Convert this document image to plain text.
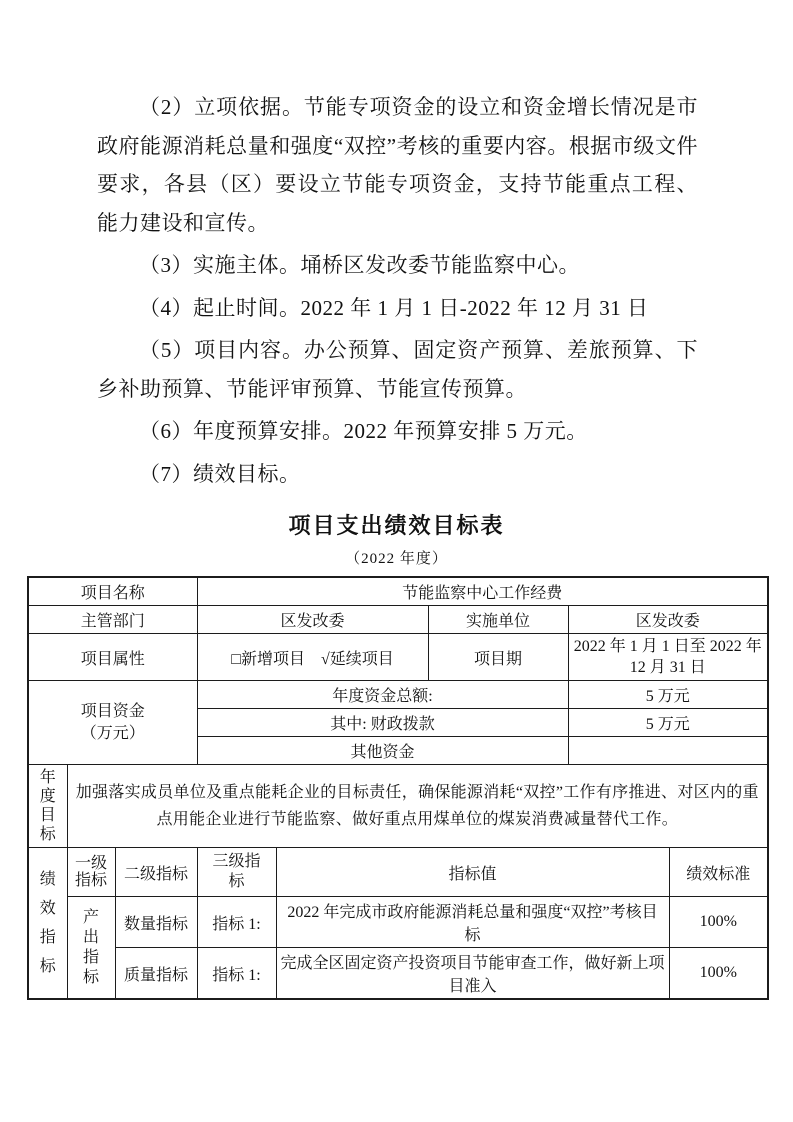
（2）立项依据。节能专项资金的设立和资金增长情况是市政府能源消耗总量和强度“双控”考核的重要内容。根据市级文件要求，各县（区）要设立节能专项资金，支持节能重点工程、能力建设和宣传。

（3）实施主体。埇桥区发改委节能监察中心。

（4）起止时间。2022 年 1 月 1 日-2022 年 12 月 31 日

（5）项目内容。办公预算、固定资产预算、差旅预算、下乡补助预算、节能评审预算、节能宣传预算。

（6）年度预算安排。2022 年预算安排 5 万元。

（7）绩效目标。

项目支出绩效目标表
（2022 年度）
项目名称			节能监察中心工作经费				
主管部门			区发改委		实施单位	区发改委	
项目属性			□新增项目　√延续项目		项目期	2022 年 1 月 1 日至 2022 年 12 月 31 日	

项目资金
（万元）			年度资金总额:			5 万元	
			其中: 财政拨款			5 万元	
			其他资金				

年度目标	加强落实成员单位及重点能耗企业的目标责任，确保能源消耗“双控”工作有序推进、对区内的重点用能企业进行节能监察、做好重点用煤单位的煤炭消费减量替代工作。						

绩效指标	一级指标	二级指标	三级指标	指标值			绩效标准

	产出指标	数量指标	指标 1:	2022 年完成市政府能源消耗总量和强度“双控”考核目标			100%
		质量指标	指标 1:	完成全区固定资产投资项目节能审查工作，做好新上项目准入			100%
